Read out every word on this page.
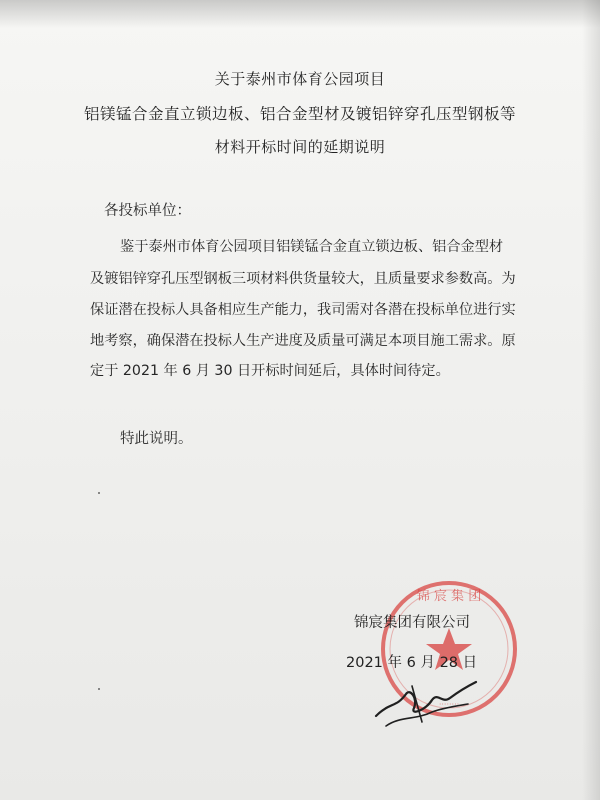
关于泰州市体育公园项目
铝镁锰合金直立锁边板、铝合金型材及镀铝锌穿孔压型钢板等
材料开标时间的延期说明
各投标单位：
鉴于泰州市体育公园项目铝镁锰合金直立锁边板、铝合金型材
及镀铝锌穿孔压型钢板三项材料供货量较大，且质量要求参数高。为
保证潜在投标人具备相应生产能力，我司需对各潜在投标单位进行实
地考察，确保潜在投标人生产进度及质量可满足本项目施工需求。原
定于 2021 年 6 月 30 日开标时间延后，具体时间待定。
特此说明。
锦 宸 集 团
········
锦宸集团有限公司
2021 年 6 月 28 日
